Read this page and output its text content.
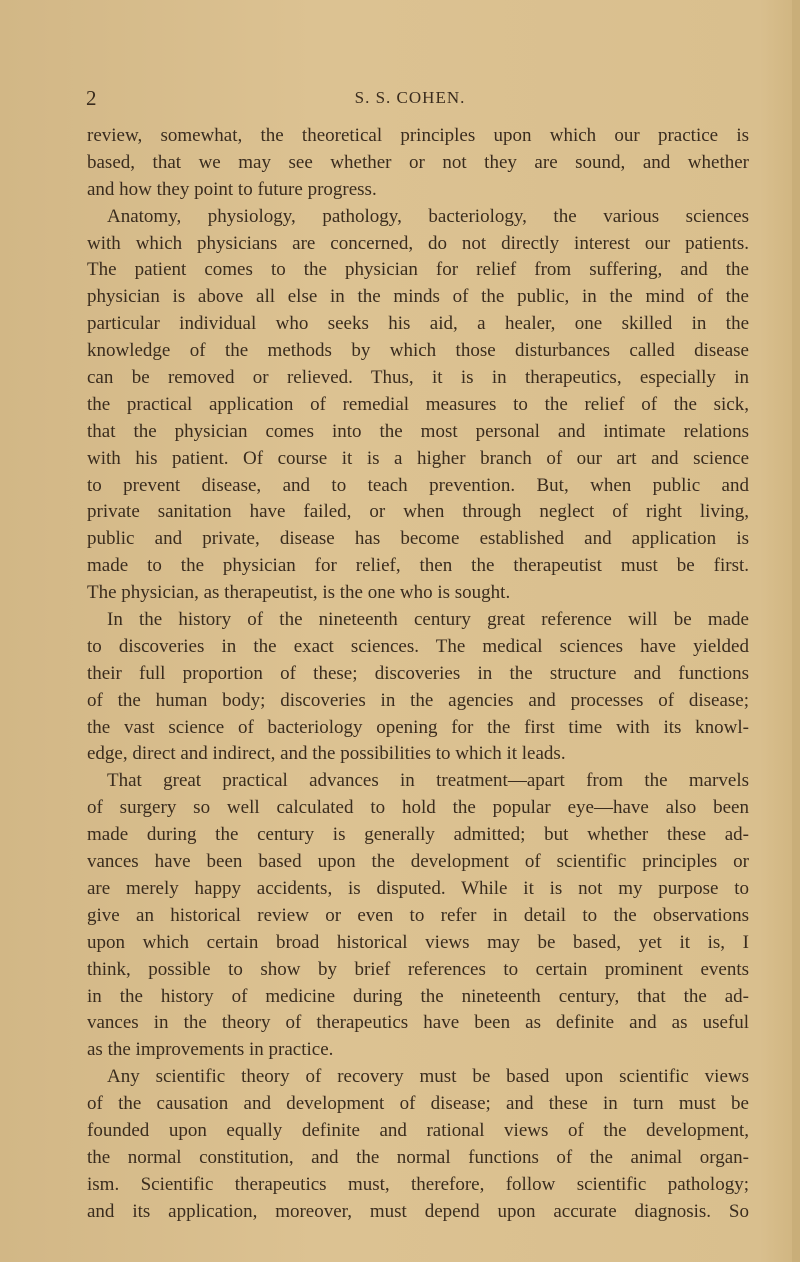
2	S. S. COHEN.
review, somewhat, the theoretical principles upon which our practice is
based, that we may see whether or not they are sound, and whether
and how they point to future progress.
Anatomy, physiology, pathology, bacteriology, the various sciences
with which physicians are concerned, do not directly interest our patients.
The patient comes to the physician for relief from suffering, and the
physician is above all else in the minds of the public, in the mind of the
particular individual who seeks his aid, a healer, one skilled in the
knowledge of the methods by which those disturbances called disease
can be removed or relieved. Thus, it is in therapeutics, especially in
the practical application of remedial measures to the relief of the sick,
that the physician comes into the most personal and intimate relations
with his patient. Of course it is a higher branch of our art and science
to prevent disease, and to teach prevention. But, when public and
private sanitation have failed, or when through neglect of right living,
public and private, disease has become established and application is
made to the physician for relief, then the therapeutist must be first.
The physician, as therapeutist, is the one who is sought.
In the history of the nineteenth century great reference will be made
to discoveries in the exact sciences. The medical sciences have yielded
their full proportion of these; discoveries in the structure and functions
of the human body; discoveries in the agencies and processes of disease;
the vast science of bacteriology opening for the first time with its knowl-
edge, direct and indirect, and the possibilities to which it leads.
That great practical advances in treatment—apart from the marvels
of surgery so well calculated to hold the popular eye—have also been
made during the century is generally admitted; but whether these ad-
vances have been based upon the development of scientific principles or
are merely happy accidents, is disputed. While it is not my purpose to
give an historical review or even to refer in detail to the observations
upon which certain broad historical views may be based, yet it is, I
think, possible to show by brief references to certain prominent events
in the history of medicine during the nineteenth century, that the ad-
vances in the theory of therapeutics have been as definite and as useful
as the improvements in practice.
Any scientific theory of recovery must be based upon scientific views
of the causation and development of disease; and these in turn must be
founded upon equally definite and rational views of the development,
the normal constitution, and the normal functions of the animal organ-
ism. Scientific therapeutics must, therefore, follow scientific pathology;
and its application, moreover, must depend upon accurate diagnosis. So
